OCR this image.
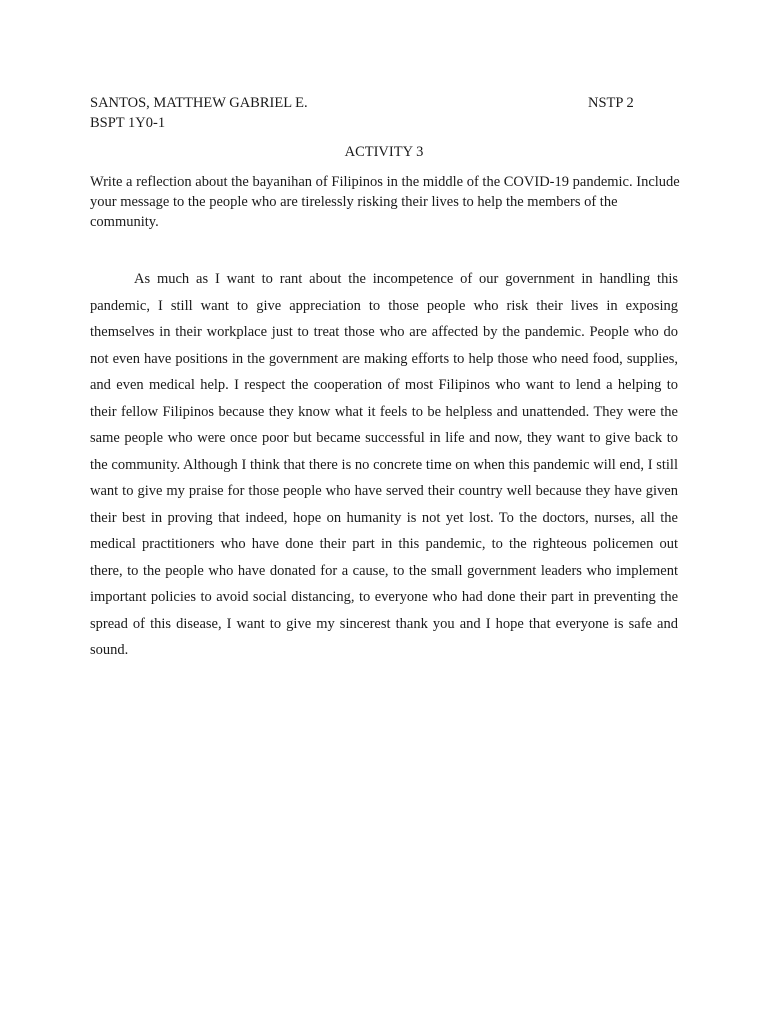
SANTOS, MATTHEW GABRIEL E.	NSTP 2
BSPT 1Y0-1
ACTIVITY 3

Write a reflection about the bayanihan of Filipinos in the middle of the COVID-19 pandemic. Include your message to the people who are tirelessly risking their lives to help the members of the community.

As much as I want to rant about the incompetence of our government in handling this pandemic, I still want to give appreciation to those people who risk their lives in exposing themselves in their workplace just to treat those who are affected by the pandemic. People who do not even have positions in the government are making efforts to help those who need food, supplies, and even medical help. I respect the cooperation of most Filipinos who want to lend a helping to their fellow Filipinos because they know what it feels to be helpless and unattended. They were the same people who were once poor but became successful in life and now, they want to give back to the community. Although I think that there is no concrete time on when this pandemic will end, I still want to give my praise for those people who have served their country well because they have given their best in proving that indeed, hope on humanity is not yet lost. To the doctors, nurses, all the medical practitioners who have done their part in this pandemic, to the righteous policemen out there, to the people who have donated for a cause, to the small government leaders who implement important policies to avoid social distancing, to everyone who had done their part in preventing the spread of this disease, I want to give my sincerest thank you and I hope that everyone is safe and sound.
